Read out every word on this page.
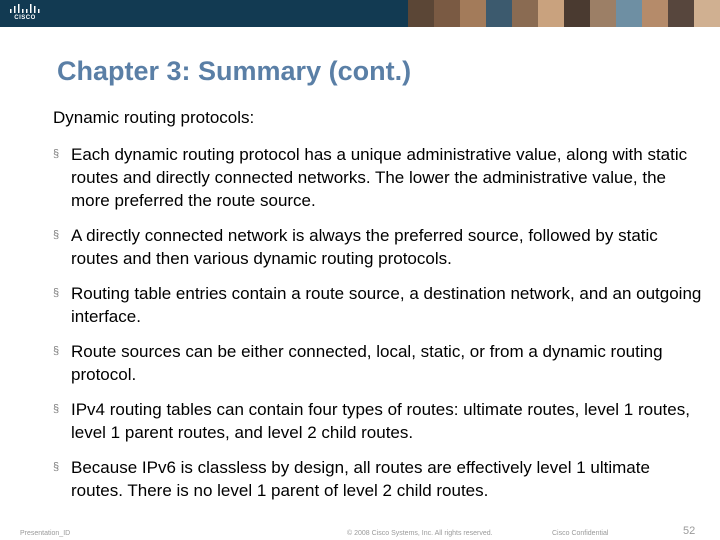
CISCO
Chapter 3: Summary (cont.)
Dynamic routing protocols:
§ Each dynamic routing protocol has a unique administrative value, along with static routes and directly connected networks. The lower the administrative value, the more preferred the route source.
§ A directly connected network is always the preferred source, followed by static routes and then various dynamic routing protocols.
§ Routing table entries contain a route source, a destination network, and an outgoing interface.
§ Route sources can be either connected, local, static, or from a dynamic routing protocol.
§ IPv4 routing tables can contain four types of routes: ultimate routes, level 1 routes, level 1 parent routes, and level 2 child routes.
§ Because IPv6 is classless by design, all routes are effectively level 1 ultimate routes. There is no level 1 parent of level 2 child routes.
Presentation_ID	© 2008 Cisco Systems, Inc. All rights reserved.	Cisco Confidential	52
